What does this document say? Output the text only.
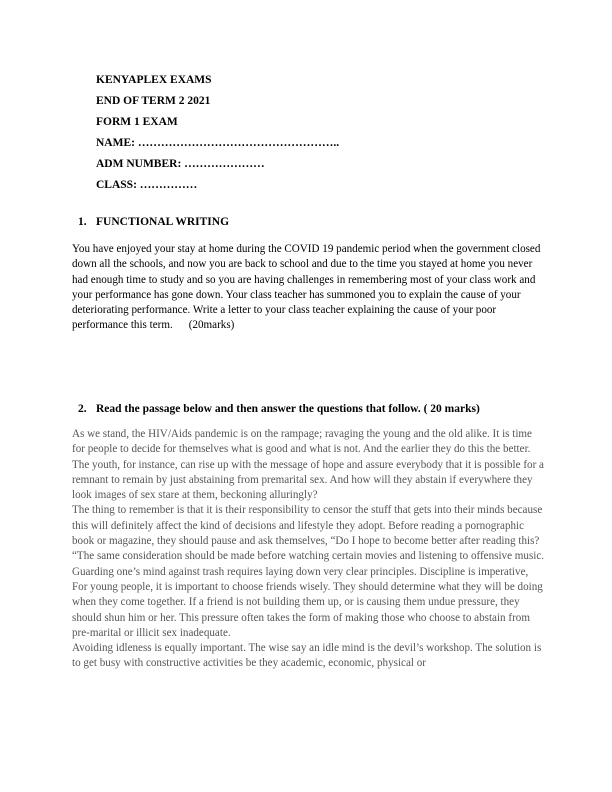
KENYAPLEX EXAMS
END OF TERM 2 2021
FORM 1 EXAM
NAME: ……………………………………………..
ADM NUMBER: …………………
CLASS: ……………
1. FUNCTIONAL WRITING
You have enjoyed your stay at home during the COVID 19 pandemic period when the government closed down all the schools, and now you are back to school and due to the time you stayed at home you never had enough time to study and so you are having challenges in remembering most of your class work and your performance has gone down. Your class teacher has summoned you to explain the cause of your deteriorating performance. Write a letter to your class teacher explaining the cause of your poor performance this term. (20marks)
2. Read the passage below and then answer the questions that follow. ( 20 marks)

As we stand, the HIV/Aids pandemic is on the rampage; ravaging the young and the old alike. It is time for people to decide for themselves what is good and what is not. And the earlier they do this the better.

The youth, for instance, can rise up with the message of hope and assure everybody that it is possible for a remnant to remain by just abstaining from premarital sex. And how will they abstain if everywhere they look images of sex stare at them, beckoning alluringly?

The thing to remember is that it is their responsibility to censor the stuff that gets into their minds because this will definitely affect the kind of decisions and lifestyle they adopt. Before reading a pornographic book or magazine, they should pause and ask themselves, “Do I hope to become better after reading this? “The same consideration should be made before watching certain movies and listening to offensive music. Guarding one’s mind against trash requires laying down very clear principles. Discipline is imperative,

For young people, it is important to choose friends wisely. They should determine what they will be doing when they come together. If a friend is not building them up, or is causing them undue pressure, they should shun him or her. This pressure often takes the form of making those who choose to abstain from pre-marital or illicit sex inadequate.

Avoiding idleness is equally important. The wise say an idle mind is the devil’s workshop. The solution is to get busy with constructive activities be they academic, economic, physical or
